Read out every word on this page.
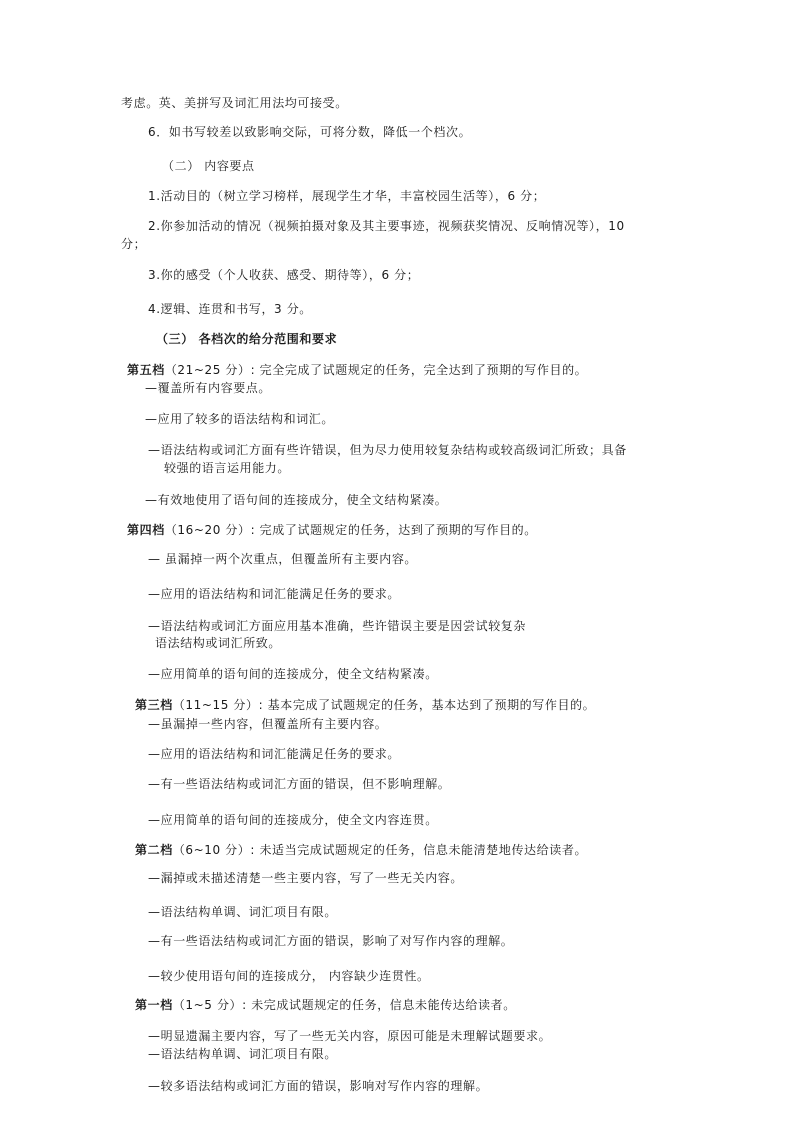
考虑。英、美拼写及词汇用法均可接受。
6．如书写较差以致影响交际，可将分数，降低一个档次。
（二） 内容要点
1.活动目的（树立学习榜样，展现学生才华，丰富校园生活等），6 分；
2.你参加活动的情况（视频拍摄对象及其主要事迹，视频获奖情况、反响情况等），10
分；
3.你的感受（个人收获、感受、期待等），6 分；
4.逻辑、连贯和书写，3 分。
（三） 各档次的给分范围和要求
第五档（21~25 分）: 完全完成了试题规定的任务，完全达到了预期的写作目的。
—覆盖所有内容要点。
—应用了较多的语法结构和词汇。
—语法结构或词汇方面有些许错误，但为尽力使用较复杂结构或较高级词汇所致；具备
较强的语言运用能力。
—有效地使用了语句间的连接成分，使全文结构紧凑。
第四档（16~20 分）: 完成了试题规定的任务，达到了预期的写作目的。
— 虽漏掉一两个次重点，但覆盖所有主要内容。
—应用的语法结构和词汇能满足任务的要求。
—语法结构或词汇方面应用基本准确，些许错误主要是因尝试较复杂
语法结构或词汇所致。
—应用简单的语句间的连接成分，使全文结构紧凑。
第三档（11~15 分）: 基本完成了试题规定的任务，基本达到了预期的写作目的。
—虽漏掉一些内容，但覆盖所有主要内容。
—应用的语法结构和词汇能满足任务的要求。
—有一些语法结构或词汇方面的错误，但不影响理解。
—应用简单的语句间的连接成分，使全文内容连贯。
第二档（6~10 分）: 未适当完成试题规定的任务，信息未能清楚地传达给读者。
—漏掉或未描述清楚一些主要内容，写了一些无关内容。
—语法结构单调、词汇项目有限。
—有一些语法结构或词汇方面的错误，影响了对写作内容的理解。
—较少使用语句间的连接成分， 内容缺少连贯性。
第一档（1~5 分）: 未完成试题规定的任务，信息未能传达给读者。
—明显遗漏主要内容，写了一些无关内容，原因可能是未理解试题要求。
—语法结构单调、词汇项目有限。
—较多语法结构或词汇方面的错误，影响对写作内容的理解。
